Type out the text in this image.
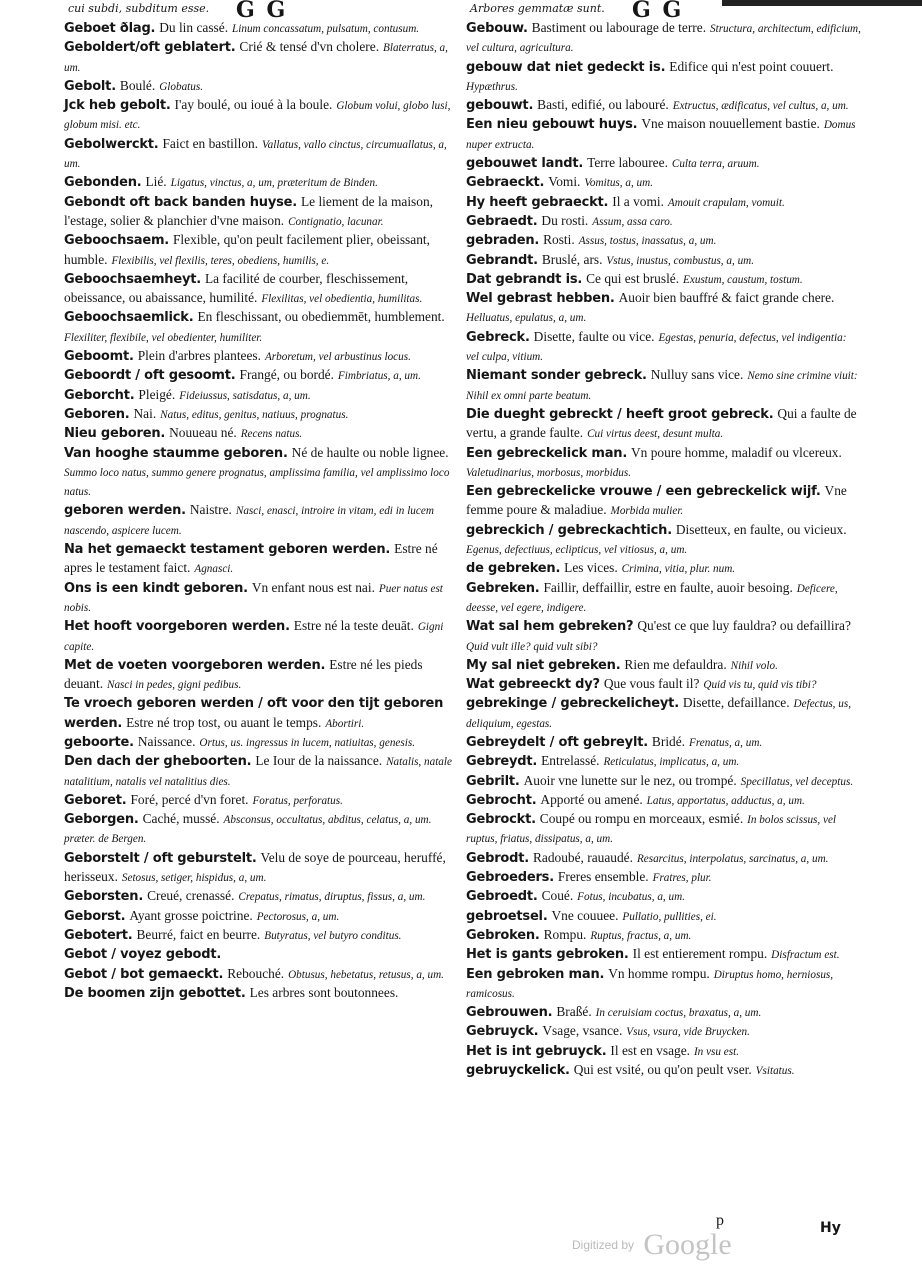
G G	G G
cui subdi, subditum esse.

Geboet ðlag. Du lin cassé. Linum concassatum, pulsatum, contusum.

Geboldert/oft geblatert. Crié & tensé d'vn cholere. Blaterratus, a, um.

Gebolt. Boulé. Globatus.

Jck heb gebolt. I'ay boulé, ou ioué à la boule. Globum volui, globo lusi, globum misi. etc.

Gebolwerckt. Faict en bastillon. Vallatus, vallo cinctus, circumuallatus, a, um.

Gebonden. Lié. Ligatus, vinctus, a, um, præteritum de Binden.

Gebondt oft back banden huyse. Le liement de la maison, l'estage, solier & planchier d'vne maison. Contignatio, lacunar.

Geboochsaem. Flexible, qu'on peult facilement plier, obeissant, humble. Flexibilis, vel flexilis, teres, obediens, humilis, e.

Geboochsaemheyt. La facilité de courber, fleschissement, obeissance, ou abaissance, humilité. Flexilitas, vel obedientia, humilitas.

Geboochsaemlick. En fleschissant, ou obediemmēt, humblement. Flexiliter, flexibile, vel obedienter, humiliter.

Geboomt. Plein d'arbres plantees. Arboretum, vel arbustinus locus.

Geboordt / oft gesoomt. Frangé, ou bordé. Fimbriatus, a, um.

Geborcht. Pleigé. Fideiussus, satisdatus, a, um.

Geboren. Nai. Natus, editus, genitus, natiuus, prognatus.

Nieu geboren. Nouueau né. Recens natus.

Van hooghe staumme geboren. Né de haulte ou noble lignee. Summo loco natus, summo genere prognatus, amplissima familia, vel amplissimo loco natus.

geboren werden. Naistre. Nasci, enasci, introire in vitam, edi in lucem nascendo, aspicere lucem.

Na het gemaeckt testament geboren werden. Estre né apres le testament faict. Agnasci.

Ons is een kindt geboren. Vn enfant nous est nai. Puer natus est nobis.

Het hooft voorgeboren werden. Estre né la teste deuāt. Gigni capite.

Met de voeten voorgeboren werden. Estre né les pieds deuant. Nasci in pedes, gigni pedibus.

Te vroech geboren werden / oft voor den tijt geboren werden. Estre né trop tost, ou auant le temps. Abortiri.

geboorte. Naissance. Ortus, us. ingressus in lucem, natiuitas, genesis.

Den dach der gheboorten. Le Iour de la naissance. Natalis, natale natalitium, natalis vel natalitius dies.

Geboret. Foré, percé d'vn foret. Foratus, perforatus.

Geborgen. Caché, mussé. Absconsus, occultatus, abditus, celatus, a, um. præter. de Bergen.

Geborstelt / oft geburstelt. Velu de soye de pourceau, heruffé, herisseux. Setosus, setiger, hispidus, a, um.

Geborsten. Creué, crenassé. Crepatus, rimatus, diruptus, fissus, a, um.

Geborst. Ayant grosse poictrine. Pectorosus, a, um.

Gebotert. Beurré, faict en beurre. Butyratus, vel butyro conditus.

Gebot / voyez gebodt.

Gebot / bot gemaeckt. Rebouché. Obtusus, hebetatus, retusus, a, um.

De boomen zijn gebottet. Les arbres sont boutonnees.

Arbores gemmatæ sunt.

Gebouw. Bastiment ou labourage de terre. Structura, architectum, edificium, vel cultura, agricultura.

gebouw dat niet gedeckt is. Edifice qui n'est point couuert. Hypæthrus.

gebouwt. Basti, edifié, ou labouré. Extructus, ædificatus, vel cultus, a, um.

Een nieu gebouwt huys. Vne maison nouuellement bastie. Domus nuper extructa.

gebouwet landt. Terre labouree. Culta terra, aruum.

Gebraeckt. Vomi. Vomitus, a, um.

Hy heeft gebraeckt. Il a vomi. Amouit crapulam, vomuit.

Gebraedt. Du rosti. Assum, assa caro.

gebraden. Rosti. Assus, tostus, inassatus, a, um.

Gebrandt. Bruslé, ars. Vstus, inustus, combustus, a, um.

Dat gebrandt is. Ce qui est bruslé. Exustum, caustum, tostum.

Wel gebrast hebben. Auoir bien bauffré & faict grande chere. Helluatus, epulatus, a, um.

Gebreck. Disette, faulte ou vice. Egestas, penuria, defectus, vel indigentia: vel culpa, vitium.

Niemant sonder gebreck. Nulluy sans vice. Nemo sine crimine viuit: Nihil ex omni parte beatum.

Die dueght gebreckt / heeft groot gebreck. Qui a faulte de vertu, a grande faulte. Cui virtus deest, desunt multa.

Een gebreckelick man. Vn poure homme, maladif ou vlcereux. Valetudinarius, morbosus, morbidus.

Een gebreckelicke vrouwe / een gebreckelick wijf. Vne femme poure & maladiue. Morbida mulier.

gebreckich / gebreckachtich. Disetteux, en faulte, ou vicieux. Egenus, defectiuus, eclipticus, vel vitiosus, a, um.

de gebreken. Les vices. Crimina, vitia, plur. num.

Gebreken. Faillir, deffaillir, estre en faulte, auoir besoing. Deficere, deesse, vel egere, indigere.

Wat sal hem gebreken? Qu'est ce que luy fauldra? ou defaillira? Quid vult ille? quid vult sibi?

My sal niet gebreken. Rien me defauldra. Nihil volo.

Wat gebreeckt dy? Que vous fault il? Quid vis tu, quid vis tibi?

gebrekinge / gebreckelicheyt. Disette, defaillance. Defectus, us, deliquium, egestas.

Gebreydelt / oft gebreylt. Bridé. Frenatus, a, um.

Gebreydt. Entrelassé. Reticulatus, implicatus, a, um.

Gebrilt. Auoir vne lunette sur le nez, ou trompé. Specillatus, vel deceptus.

Gebrocht. Apporté ou amené. Latus, apportatus, adductus, a, um.

Gebrockt. Coupé ou rompu en morceaux, esmié. In bolos scissus, vel ruptus, friatus, dissipatus, a, um.

Gebrodt. Radoubé, rauaudé. Resarcitus, interpolatus, sarcinatus, a, um.

Gebroeders. Freres ensemble. Fratres, plur.

Gebroedt. Coué. Fotus, incubatus, a, um.

gebroetsel. Vne couuee. Pullatio, pullities, ei.

Gebroken. Rompu. Ruptus, fractus, a, um.

Het is gants gebroken. Il est entierement rompu. Disfractum est.

Een gebroken man. Vn homme rompu. Diruptus homo, herniosus, ramicosus.

Gebrouwen. Braßé. In ceruisiam coctus, braxatus, a, um.

Gebruyck. Vsage, vsance. Vsus, vsura, vide Bruycken.

Het is int gebruyck. Il est en vsage. In vsu est.

gebruyckelick. Qui est vsité, ou qu'on peult vser. Vsitatus.

p	Hy
Digitized by Google
